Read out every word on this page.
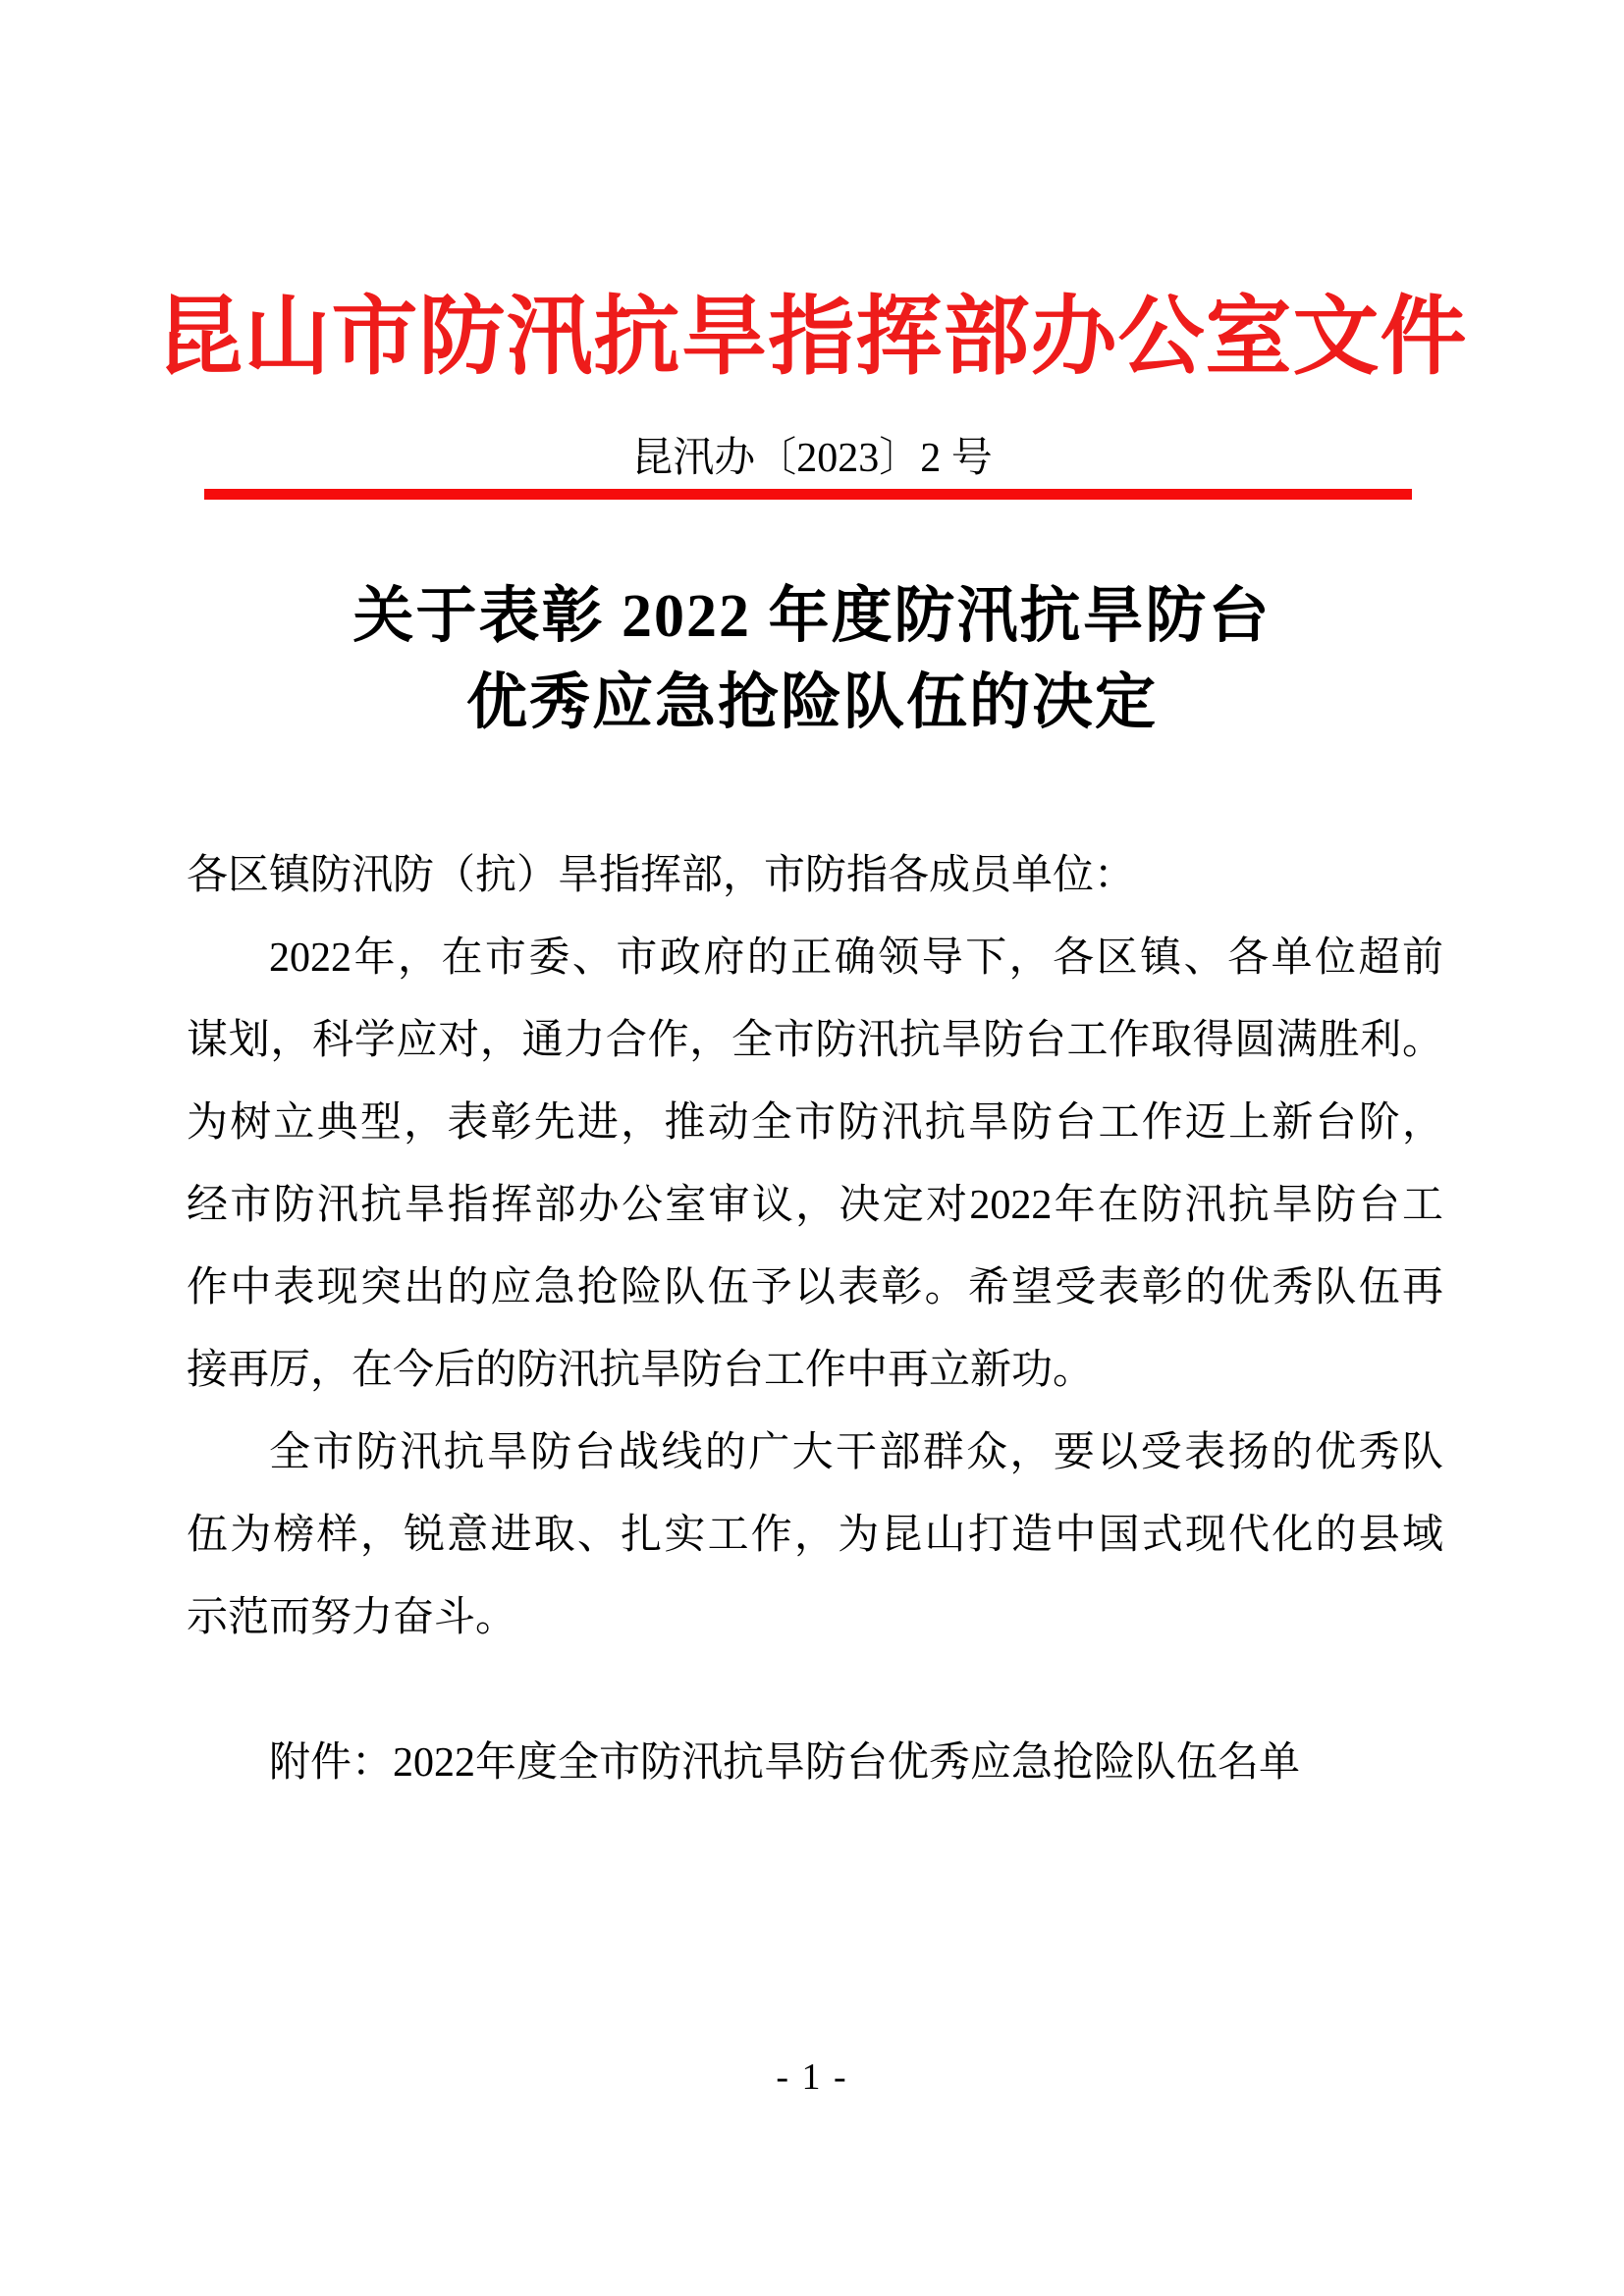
昆山市防汛抗旱指挥部办公室文件
昆汛办〔2023〕2 号
关于表彰 2022 年度防汛抗旱防台
优秀应急抢险队伍的决定
各区镇防汛防（抗）旱指挥部，市防指各成员单位：
2022年，在市委、市政府的正确领导下，各区镇、各单位超前
谋划，科学应对，通力合作，全市防汛抗旱防台工作取得圆满胜利。
为树立典型，表彰先进，推动全市防汛抗旱防台工作迈上新台阶，
经市防汛抗旱指挥部办公室审议，决定对2022年在防汛抗旱防台工
作中表现突出的应急抢险队伍予以表彰。希望受表彰的优秀队伍再
接再厉，在今后的防汛抗旱防台工作中再立新功。
全市防汛抗旱防台战线的广大干部群众，要以受表扬的优秀队
伍为榜样，锐意进取、扎实工作，为昆山打造中国式现代化的县域
示范而努力奋斗。
附件：2022年度全市防汛抗旱防台优秀应急抢险队伍名单
- 1 -
